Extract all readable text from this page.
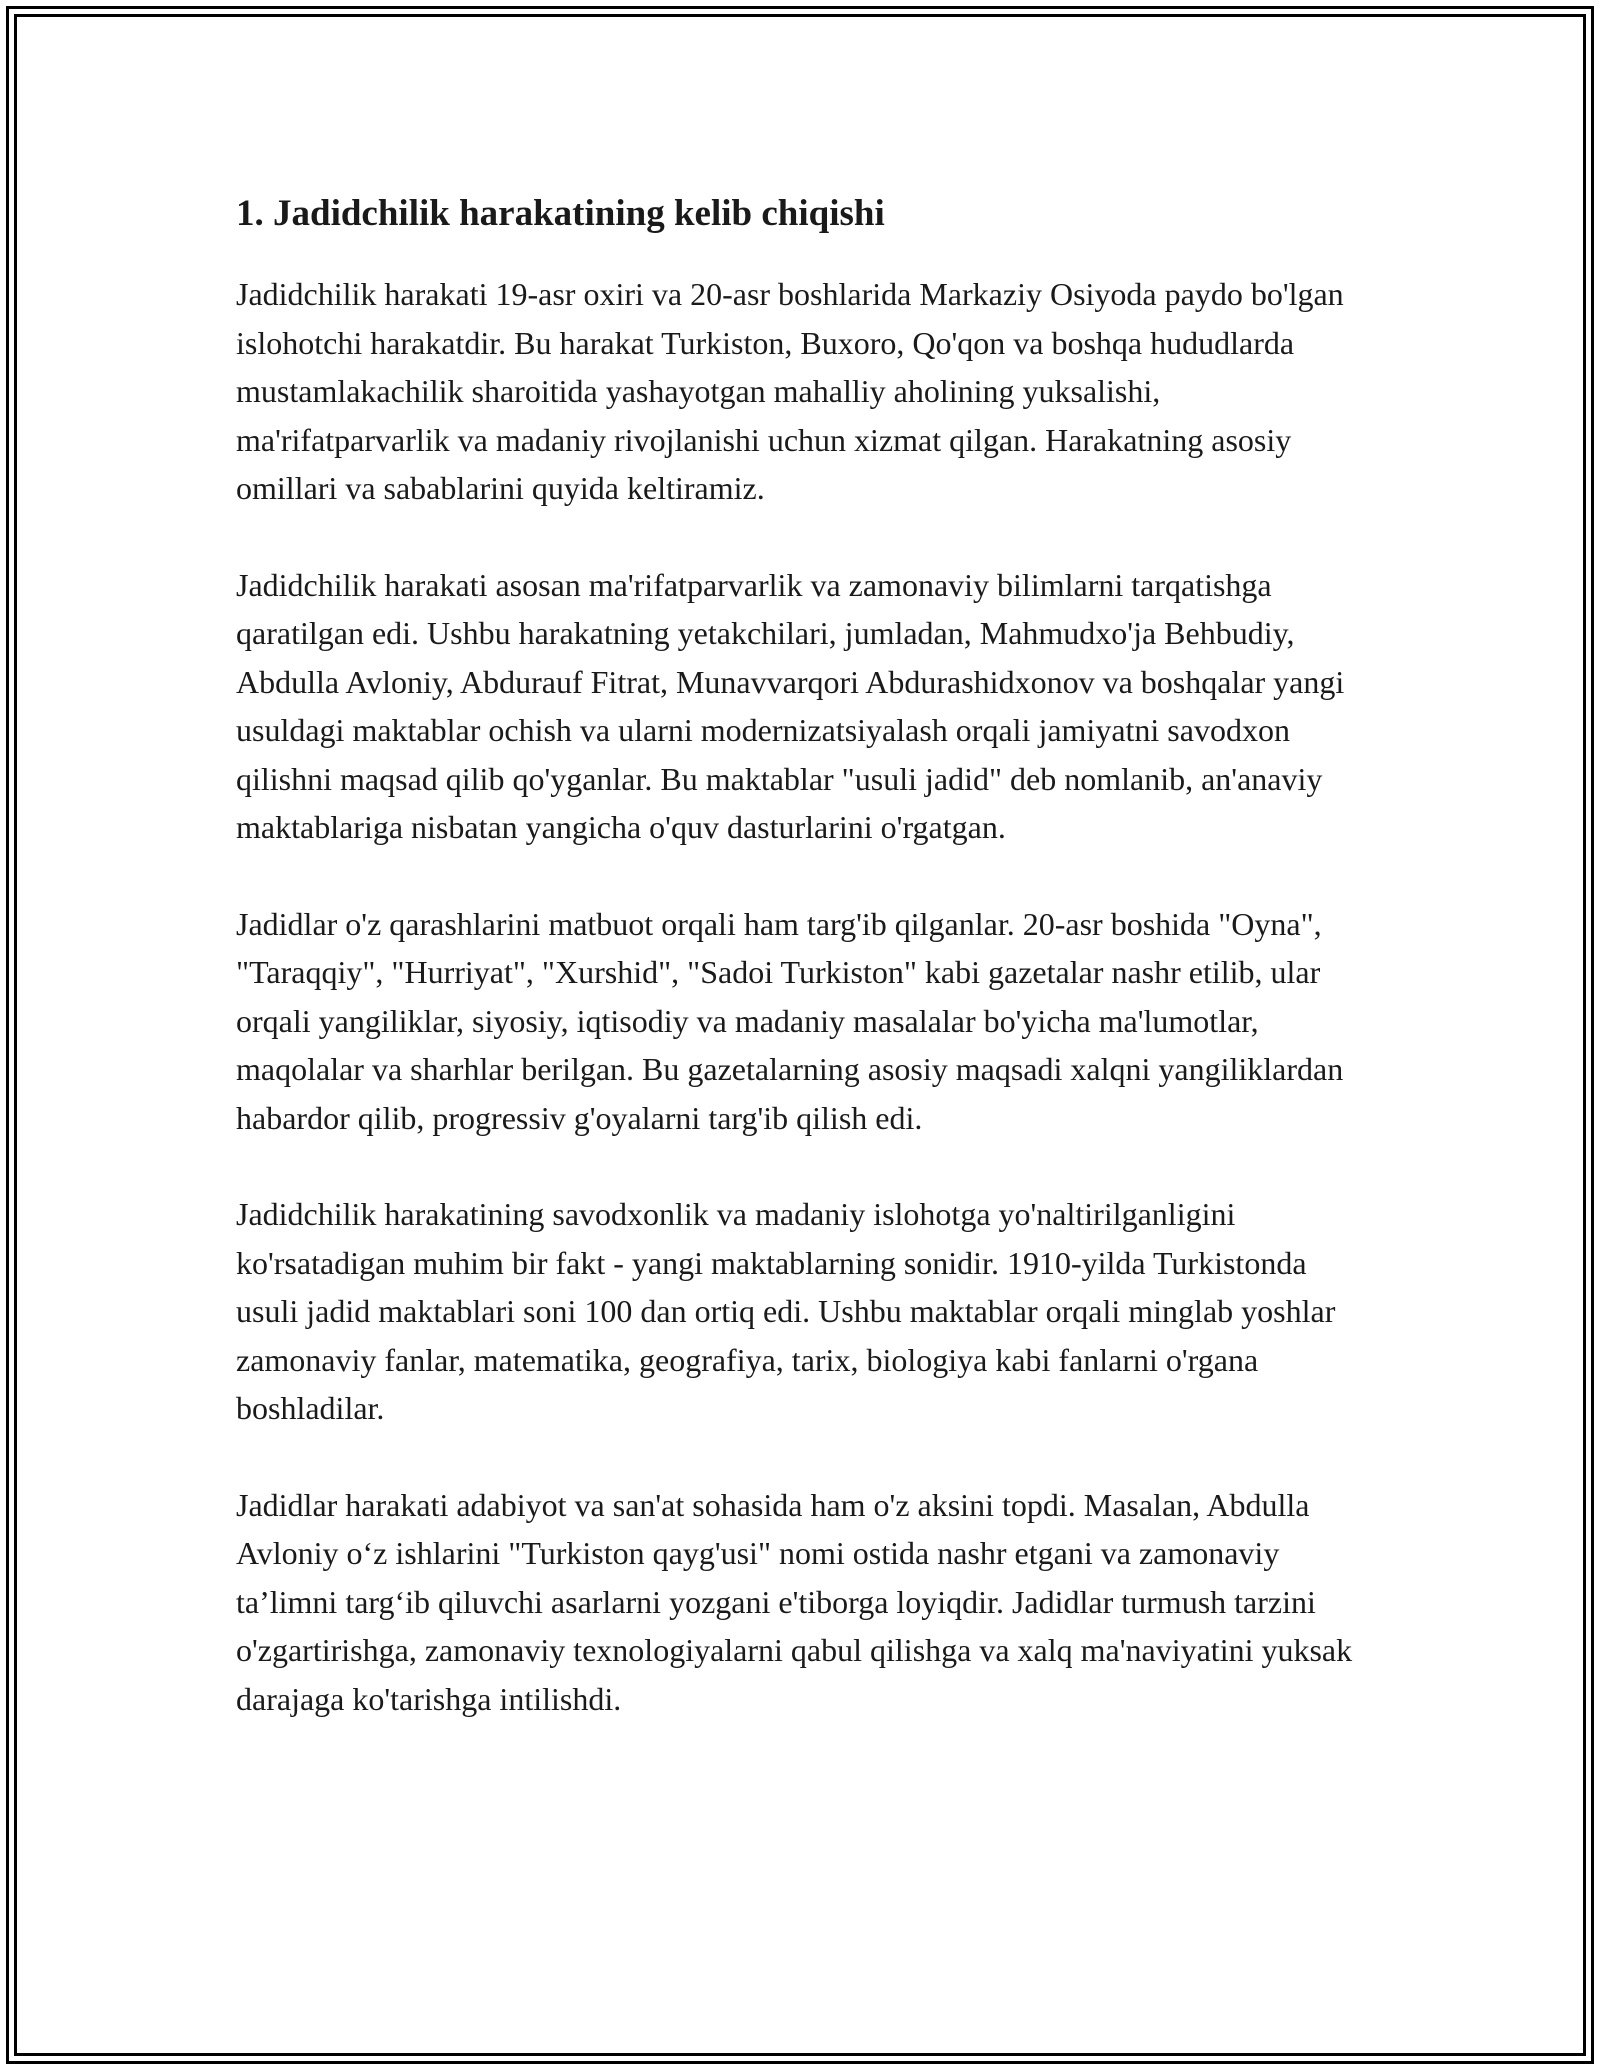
1. Jadidchilik harakatining kelib chiqishi

Jadidchilik harakati 19-asr oxiri va 20-asr boshlarida Markaziy Osiyoda paydo bo'lgan islohotchi harakatdir. Bu harakat Turkiston, Buxoro, Qo'qon va boshqa hududlarda mustamlakachilik sharoitida yashayotgan mahalliy aholining yuksalishi, ma'rifatparvarlik va madaniy rivojlanishi uchun xizmat qilgan. Harakatning asosiy omillari va sabablarini quyida keltiramiz.

Jadidchilik harakati asosan ma'rifatparvarlik va zamonaviy bilimlarni tarqatishga qaratilgan edi. Ushbu harakatning yetakchilari, jumladan, Mahmudxo'ja Behbudiy, Abdulla Avloniy, Abdurauf Fitrat, Munavvarqori Abdurashidxonov va boshqalar yangi usuldagi maktablar ochish va ularni modernizatsiyalash orqali jamiyatni savodxon qilishni maqsad qilib qo'yganlar. Bu maktablar "usuli jadid" deb nomlanib, an'anaviy maktablariga nisbatan yangicha o'quv dasturlarini o'rgatgan.

Jadidlar o'z qarashlarini matbuot orqali ham targ'ib qilganlar. 20-asr boshida "Oyna", "Taraqqiy", "Hurriyat", "Xurshid", "Sadoi Turkiston" kabi gazetalar nashr etilib, ular orqali yangiliklar, siyosiy, iqtisodiy va madaniy masalalar bo'yicha ma'lumotlar, maqolalar va sharhlar berilgan. Bu gazetalarning asosiy maqsadi xalqni yangiliklardan habardor qilib, progressiv g'oyalarni targ'ib qilish edi.

Jadidchilik harakatining savodxonlik va madaniy islohotga yo'naltirilganligini ko'rsatadigan muhim bir fakt - yangi maktablarning sonidir. 1910-yilda Turkistonda usuli jadid maktablari soni 100 dan ortiq edi. Ushbu maktablar orqali minglab yoshlar zamonaviy fanlar, matematika, geografiya, tarix, biologiya kabi fanlarni o'rgana boshladilar.

Jadidlar harakati adabiyot va san'at sohasida ham o'z aksini topdi. Masalan, Abdulla Avloniy o‘z ishlarini "Turkiston qayg'usi" nomi ostida nashr etgani va zamonaviy ta’limni targ‘ib qiluvchi asarlarni yozgani e'tiborga loyiqdir. Jadidlar turmush tarzini o'zgartirishga, zamonaviy texnologiyalarni qabul qilishga va xalq ma'naviyatini yuksak darajaga ko'tarishga intilishdi.
